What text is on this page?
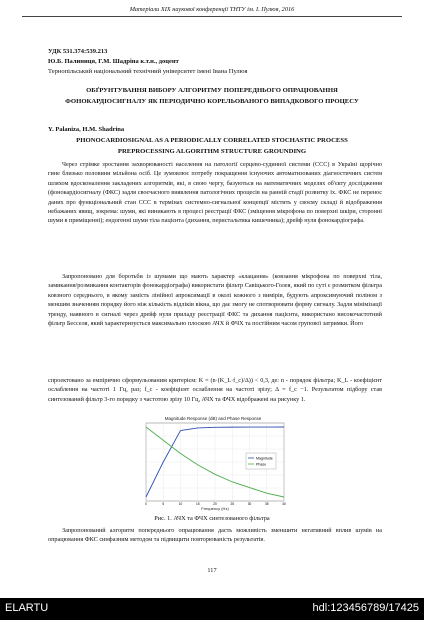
Матеріали ХІХ наукової конференції ТНТУ ім. І. Пулюя, 2016
УДК 531.374:539.213
Ю.Б. Палиниця, Г.М. Шадріна к.т.н., доцент
Тернопільський національний технічний університет імені Івана Пулюя
ОБҐРУНТУВАННЯ ВИБОРУ АЛГОРИТМУ ПОПЕРЕДНЬОГО ОПРАЦЮВАННЯ ФОНОКАРДІОСИГНАЛУ ЯК ПЕРІОДИЧНО КОРЕЛЬОВАНОГО ВИПАДКОВОГО ПРОЦЕСУ
Y. Palaniza, H.M. Shadrina
PHONOCARDIOSIGNAL AS A PERIODICALLY CORRELATED STOCHASTIC PROCESS PREPROCESSING ALGORITHM STRUCTURE GROUNDING
Через стрімке зростання захворюваності населення на патології серцево-судинної системи (ССС) в Україні щорічно гине близько половини мільйона осіб. Це зумовлює потребу покращення існуючих автоматизованих діагностичних систем шляхом вдосконалення закладених алгоритмів, які, в свою чергу, базуються на математичних моделях об'єкту дослідження (фонокардіосигналу (ФКС) задля своєчасного виявлення патологічних процесів на ранній стадії розвитку їх. ФКС не перенос даних про функціональний стан ССС в термінах системно-сигнальної концепції містить у своєму складі й відображення небажаних явищ, зокрема: шуми, які виникають в процесі реєстрації ФКС (зміщення мікрофона по поверхні шкіри, сторонні шуми в приміщенні); ендогенні шуми тіла пацієнта (дихання, перистальтика кишечника); дрейф нуля фонокардіографа.
Запропоновано для боротьби із шумами що мають характер «клацання» (ковзання мікрофона по поверхні тіла, замикання/розмикання контакторів фонокардіографа) використати фільтр Савіцького-Голея, який по суті є розмитком фільтра ковзного середнього, в якому замість лінійної апроксимації в околі кожного з вимірів, будують апроксимуючий поліном з меншим значенням порядку його ніж кількість відліків вікна, що дає змогу не спотворювати форму сигналу. Задля мінімізації тренду, наявного в сигналі через дрейф нуля приладу реєстрації ФКС та дихання пацієнта, використано високочастотний фільтр Бесселя, який характеризується максимально плоскою АЧХ й ФЧХ та постійним часом групової затримки. Його
спроектовано за емпірично сформульованим критерієм: K = (n·(K_L·f_c)/Δ)) < 0,3, де: n - порядок фільтра; K_L - коефіцієнт ослаблення на частоті 1 Гц, раз; f_c - коефіцієнт ослаблення на частоті зрізу; Δ = f_c −1. Результатом підбору став синтезований фільтр 3-го порядку з частотою зрізу 10 Гц, АЧХ та ФЧХ відображені на рисунку 1.
Magnitude Response (dB) and Phase Response
0	5	10	15	20	25	30	35	40
Magnitude
Phase
Frequency (Hz)
Рис. 1. АЧХ та ФЧХ синтезованого фільтра
Запропонований алгоритм попереднього опрацювання дасть можливість зменшити негативний вплив шумів на опрацювання ФКС синфазним методом та підвищити повторюваність результатів.
117
ELARTU	hdl:123456789/17425
